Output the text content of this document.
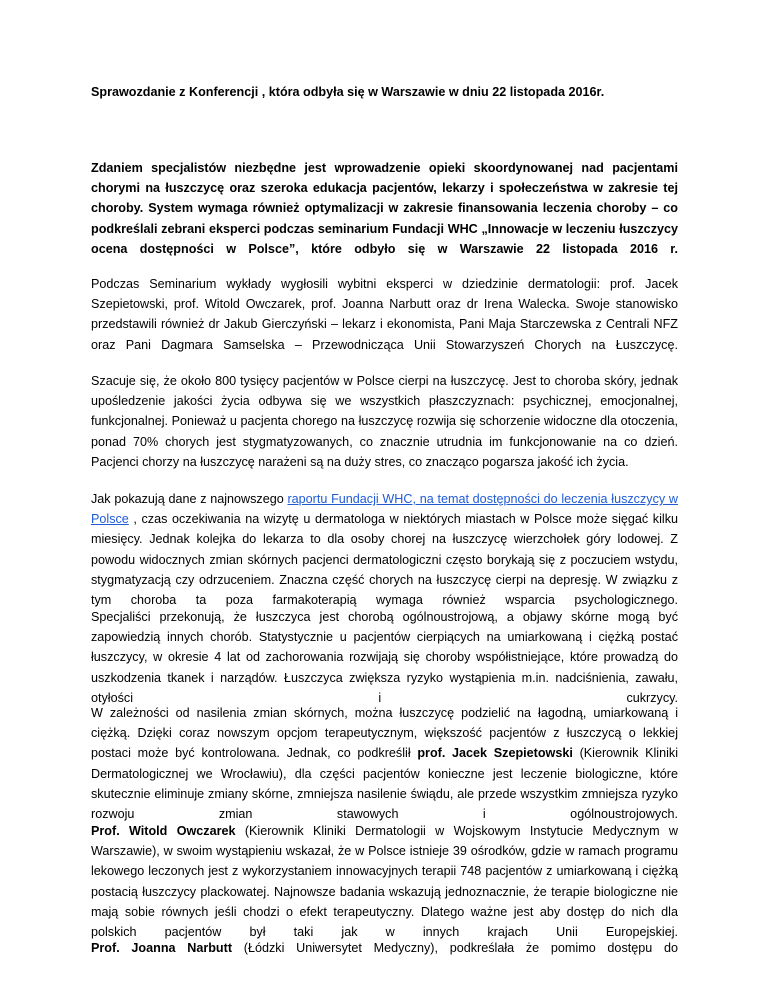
Sprawozdanie z Konferencji , która odbyła się w Warszawie w dniu 22 listopada 2016r.

Zdaniem specjalistów niezbędne jest wprowadzenie opieki skoordynowanej nad pacjentami chorymi na łuszczycę oraz szeroka edukacja pacjentów, lekarzy i społeczeństwa w zakresie tej choroby. System wymaga również optymalizacji w zakresie finansowania leczenia choroby – co podkreślali zebrani eksperci podczas seminarium Fundacji WHC „Innowacje w leczeniu łuszczycy ocena dostępności w Polsce”, które odbyło się w Warszawie 22 listopada 2016 r.

Podczas Seminarium wykłady wygłosili wybitni eksperci w dziedzinie dermatologii: prof. Jacek Szepietowski, prof. Witold Owczarek, prof. Joanna Narbutt oraz dr Irena Walecka. Swoje stanowisko przedstawili również dr Jakub Gierczyński – lekarz i ekonomista, Pani Maja Starczewska z Centrali NFZ oraz Pani Dagmara Samselska – Przewodnicząca Unii Stowarzyszeń Chorych na Łuszczycę.

Szacuje się, że około 800 tysięcy pacjentów w Polsce cierpi na łuszczycę. Jest to choroba skóry, jednak upośledzenie jakości życia odbywa się we wszystkich płaszczyznach: psychicznej, emocjonalnej, funkcjonalnej. Ponieważ u pacjenta chorego na łuszczycę rozwija się schorzenie widoczne dla otoczenia, ponad 70% chorych jest stygmatyzowanych, co znacznie utrudnia im funkcjonowanie na co dzień. Pacjenci chorzy na łuszczycę narażeni są na duży stres, co znacząco pogarsza jakość ich życia.

Jak pokazują dane z najnowszego raportu Fundacji WHC, na temat dostępności do leczenia łuszczycy w Polsce , czas oczekiwania na wizytę u dermatologa w niektórych miastach w Polsce może sięgać kilku miesięcy. Jednak kolejka do lekarza to dla osoby chorej na łuszczycę wierzchołek góry lodowej. Z powodu widocznych zmian skórnych pacjenci dermatologiczni często borykają się z poczuciem wstydu, stygmatyzacją czy odrzuceniem. Znaczna część chorych na łuszczycę cierpi na depresję. W związku z tym choroba ta poza farmakoterapią wymaga również wsparcia psychologicznego.

Specjaliści przekonują, że łuszczyca jest chorobą ogólnoustrojową, a objawy skórne mogą być zapowiedzią innych chorób. Statystycznie u pacjentów cierpiących na umiarkowaną i ciężką postać łuszczycy, w okresie 4 lat od zachorowania rozwijają się choroby współistniejące, które prowadzą do uszkodzenia tkanek i narządów. Łuszczyca zwiększa ryzyko wystąpienia m.in. nadciśnienia, zawału, otyłości i cukrzycy.

W zależności od nasilenia zmian skórnych, można łuszczycę podzielić na łagodną, umiarkowaną i ciężką. Dzięki coraz nowszym opcjom terapeutycznym, większość pacjentów z łuszczycą o lekkiej postaci może być kontrolowana. Jednak, co podkreślił prof. Jacek Szepietowski (Kierownik Kliniki Dermatologicznej we Wrocławiu), dla części pacjentów konieczne jest leczenie biologiczne, które skutecznie eliminuje zmiany skórne, zmniejsza nasilenie świądu, ale przede wszystkim zmniejsza ryzyko rozwoju zmian stawowych i ogólnoustrojowych.

Prof. Witold Owczarek (Kierownik Kliniki Dermatologii w Wojskowym Instytucie Medycznym w Warszawie), w swoim wystąpieniu wskazał, że w Polsce istnieje 39 ośrodków, gdzie w ramach programu lekowego leczonych jest z wykorzystaniem innowacyjnych terapii 748 pacjentów z umiarkowaną i ciężką postacią łuszczycy plackowatej. Najnowsze badania wskazują jednoznacznie, że terapie biologiczne nie mają sobie równych jeśli chodzi o efekt terapeutyczny. Dlatego ważne jest aby dostęp do nich dla polskich pacjentów był taki jak w innych krajach Unii Europejskiej.

Prof. Joanna Narbutt (Łódzki Uniwersytet Medyczny), podkreślała że pomimo dostępu do
